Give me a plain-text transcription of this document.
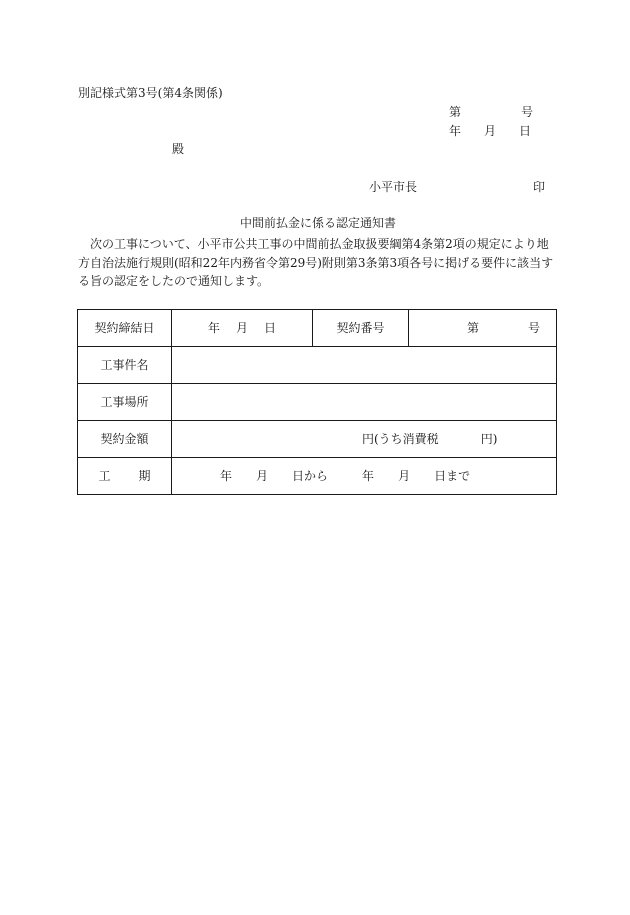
別記様式第3号(第4条関係)
第	号
年 月 日
殿
小平市長	印
中間前払金に係る認定通知書
次の工事について、小平市公共工事の中間前払金取扱要綱第4条第2項の規定により地方自治法施行規則(昭和22年内務省令第29号)附則第3条第3項各号に掲げる要件に該当する旨の認定をしたので通知します。
契約締結日	年 月 日	契約番号	第 号
工事件名			
工事場所			
契約金額	円(うち消費税 円)		
工 期	年 月 日から 年 月 日まで		
